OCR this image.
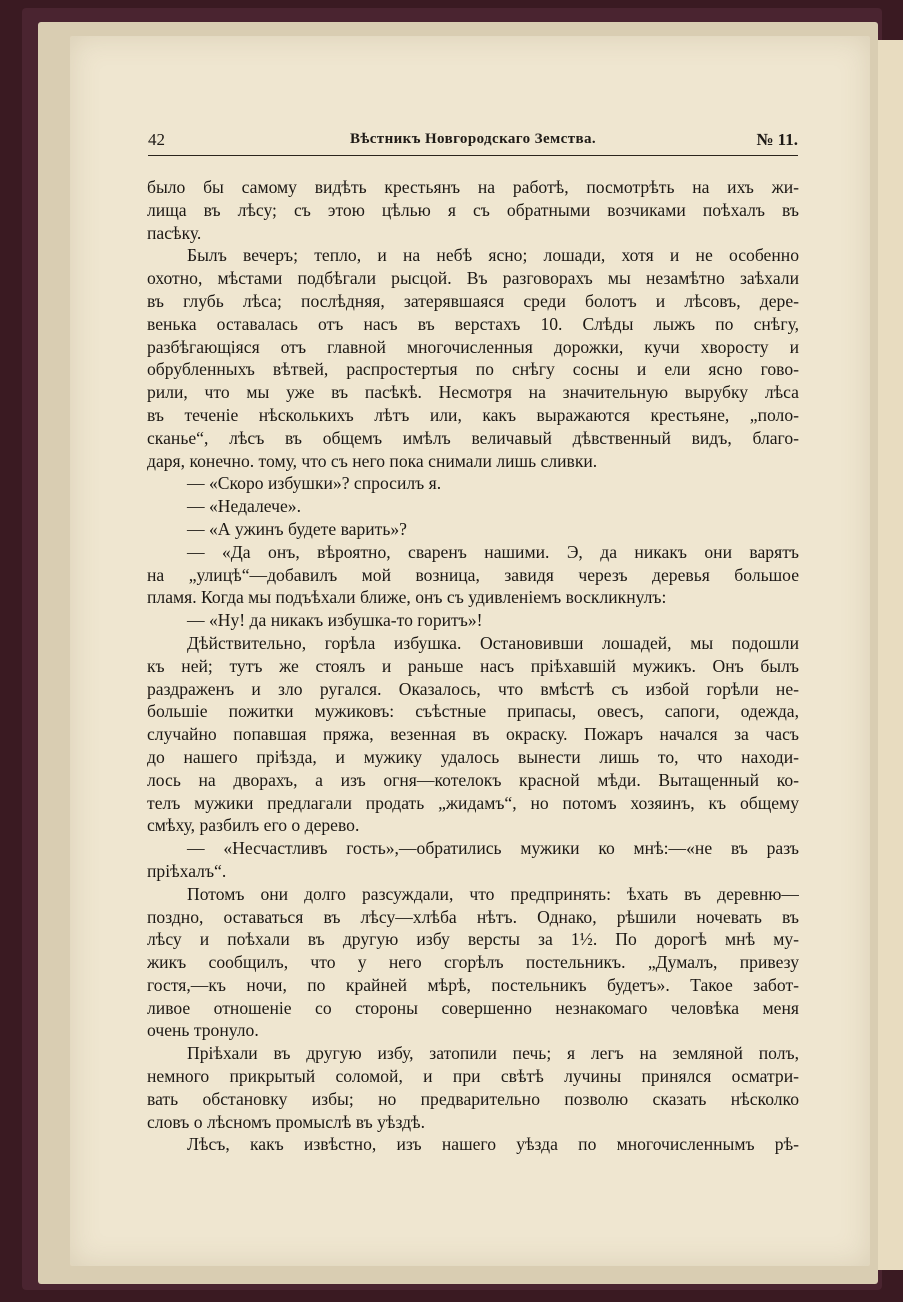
42	Вѣстникъ Новгородскаго Земства.	№ 11.
было бы самому видѣть крестьянъ на работѣ, посмотрѣть на ихъ жи-
лища въ лѣсу; съ этою цѣлью я съ обратными возчиками поѣхалъ въ
пасѣку.
Былъ вечеръ; тепло, и на небѣ ясно; лошади, хотя и не особенно
охотно, мѣстами подбѣгали рысцой. Въ разговорахъ мы незамѣтно заѣхали
въ глубь лѣса; послѣдняя, затерявшаяся среди болотъ и лѣсовъ, дере-
венька оставалась отъ насъ въ верстахъ 10. Слѣды лыжъ по снѣгу,
разбѣгающіяся отъ главной многочисленныя дорожки, кучи хворосту и
обрубленныхъ вѣтвей, распростертыя по снѣгу сосны и ели ясно гово-
рили, что мы уже въ пасѣкѣ. Несмотря на значительную вырубку лѣса
въ теченіе нѣсколькихъ лѣтъ или, какъ выражаются крестьяне, „поло-
сканье“, лѣсъ въ общемъ имѣлъ величавый дѣвственный видъ, благо-
даря, конечно. тому, что съ него пока снимали лишь сливки.
— «Скоро избушки»? спросилъ я.
— «Недалече».
— «А ужинъ будете варить»?
— «Да онъ, вѣроятно, сваренъ нашими. Э, да никакъ они варятъ
на „улицѣ“—добавилъ мой возница, завидя черезъ деревья большое
пламя. Когда мы подъѣхали ближе, онъ съ удивленіемъ воскликнулъ:
— «Ну! да никакъ избушка-то горитъ»!
Дѣйствительно, горѣла избушка. Остановивши лошадей, мы подошли
къ ней; тутъ же стоялъ и раньше насъ пріѣхавшій мужикъ. Онъ былъ
раздраженъ и зло ругался. Оказалось, что вмѣстѣ съ избой горѣли не-
большіе пожитки мужиковъ: съѣстные припасы, овесъ, сапоги, одежда,
случайно попавшая пряжа, везенная въ окраску. Пожаръ начался за часъ
до нашего пріѣзда, и мужику удалось вынести лишь то, что находи-
лось на дворахъ, а изъ огня—котелокъ красной мѣди. Вытащенный ко-
телъ мужики предлагали продать „жидамъ“, но потомъ хозяинъ, къ общему
смѣху, разбилъ его о дерево.
— «Несчастливъ гость»,—обратились мужики ко мнѣ:—«не въ разъ
пріѣхалъ“.
Потомъ они долго разсуждали, что предпринять: ѣхать въ деревню—
поздно, оставаться въ лѣсу—хлѣба нѣтъ. Однако, рѣшили ночевать въ
лѣсу и поѣхали въ другую избу версты за 1½. По дорогѣ мнѣ му-
жикъ сообщилъ, что у него сгорѣлъ постельникъ. „Думалъ, привезу
гостя,—къ ночи, по крайней мѣрѣ, постельникъ будетъ». Такое забот-
ливое отношеніе со стороны совершенно незнакомаго человѣка меня
очень тронуло.
Пріѣхали въ другую избу, затопили печь; я легъ на земляной полъ,
немного прикрытый соломой, и при свѣтѣ лучины принялся осматри-
вать обстановку избы; но предварительно позволю сказать нѣсколко
словъ о лѣсномъ промыслѣ въ уѣздѣ.
Лѣсъ, какъ извѣстно, изъ нашего уѣзда по многочисленнымъ рѣ-
